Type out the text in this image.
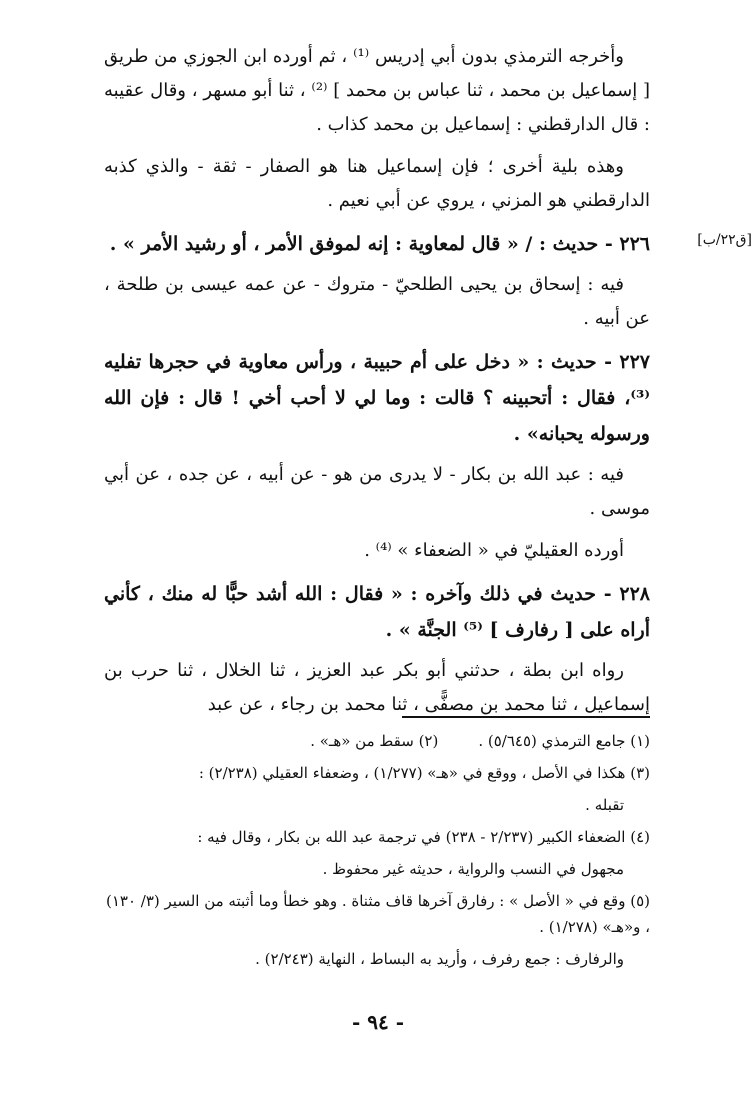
[ق٢٢/ب]

وأخرجه الترمذي بدون أبي إدريس ⁽¹⁾ ، ثم أورده ابن الجوزي من طريق [ إسماعيل بن محمد ، ثنا عباس بن محمد ] ⁽²⁾ ، ثنا أبو مسهر ، وقال عقيبه : قال الدارقطني : إسماعيل بن محمد كذاب .

وهذه بلية أخرى ؛ فإن إسماعيل هنا هو الصفار - ثقة - والذي كذبه الدارقطني هو المزني ، يروي عن أبي نعيم .

٢٢٦ - حديث : / « قال لمعاوية : إنه لموفق الأمر ، أو رشيد الأمر » .

فيه : إسحاق بن يحيى الطلحيّ - متروك - عن عمه عيسى بن طلحة ، عن أبيه .

٢٢٧ - حديث : « دخل على أم حبيبة ، ورأس معاوية في حجرها تفليه ⁽³⁾، فقال : أتحبينه ؟ قالت : وما لي لا أحب أخي ! قال : فإن الله ورسوله يحبانه» .

فيه : عبد الله بن بكار - لا يدرى من هو - عن أبيه ، عن جده ، عن أبي موسى .

أورده العقيليّ في « الضعفاء » ⁽⁴⁾ .

٢٢٨ - حديث في ذلك وآخره : « فقال : الله أشد حبًّا له منك ، كأني أراه على [ رفارف ] ⁽⁵⁾ الجنَّة » .

رواه ابن بطة ، حدثني أبو بكر عبد العزيز ، ثنا الخلال ، ثنا حرب بن إسماعيل ، ثنا محمد بن مصفًّى ، ثنا محمد بن رجاء ، عن عبد

(١) جامع الترمذي (٥/٦٤٥) .
(٢) سقط من «هـ» .
(٣) هكذا في الأصل ، ووقع في «هـ» (١/٢٧٧) ، وضعفاء العقيلي (٢/٢٣٨) :
تقبله .
(٤) الضعفاء الكبير (٢/٢٣٧ - ٢٣٨) في ترجمة عبد الله بن بكار ، وقال فيه :
مجهول في النسب والرواية ، حديثه غير محفوظ .
(٥) وقع في « الأصل » : رفارق آخرها قاف مثناة . وهو خطأ وما أثبته من السير (٣/ ١٣٠) ، و«هـ» (١/٢٧٨) .
والرفارف : جمع رفرف ، وأريد به البساط ، النهاية (٢/٢٤٣) .
- ٩٤ -
